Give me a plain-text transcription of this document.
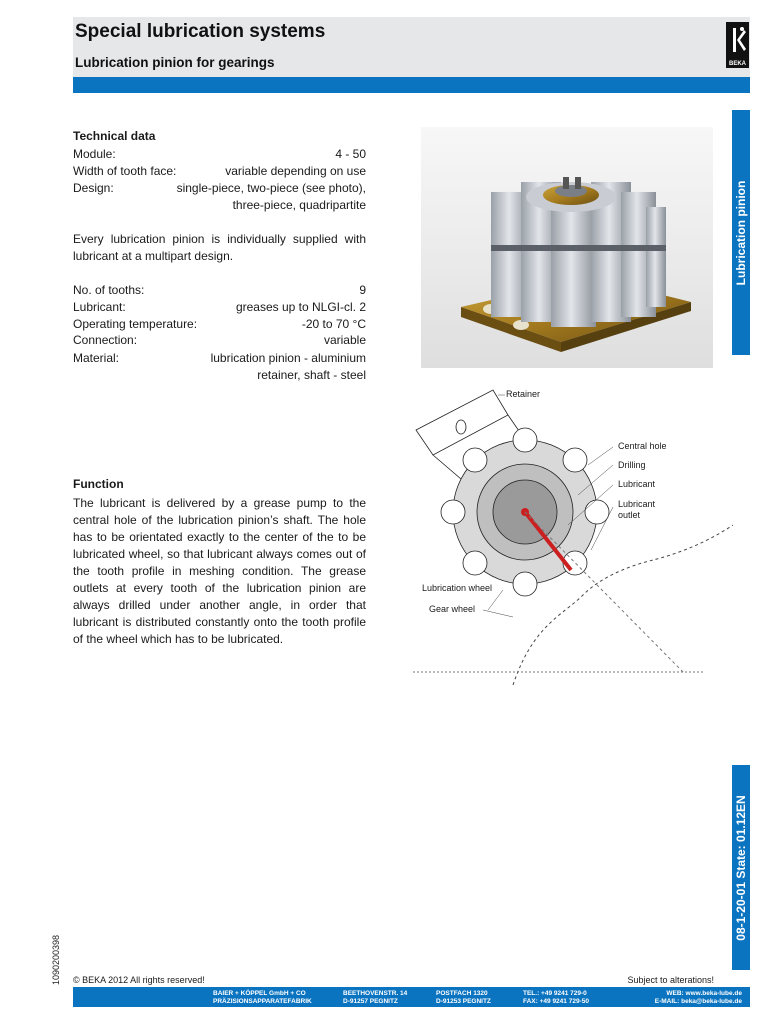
Special lubrication systems
Lubrication pinion for gearings	BEKA
Lubrication pinion
08-1-20-01 State: 01.12EN
Technical data
Module:	4 - 50
Width of tooth face:	variable depending on use
Design:	single-piece, two-piece (see photo),
three-piece, quadripartite
Every lubrication pinion is individually supplied with lubricant at a multipart design.
No. of tooths:	9
Lubricant:	greases up to NLGI-cl. 2
Operating temperature:	-20 to 70 °C
Connection:	variable
Material:	lubrication pinion - aluminium
retainer, shaft - steel
Function
The lubricant is delivered by a grease pump to the central hole of the lubrication pinion’s shaft. The hole has to be orientated exactly to the center of the to be lubricated wheel, so that lubricant always comes out of the tooth profile in meshing condition. The grease outlets at every tooth of the lubrication pinion are always drilled under another angle, in order that lubricant is distributed constantly onto the tooth profile of the wheel which has to be lubricated.
Retainer
Central hole
Drilling
Lubricant
Lubricant
outlet
Lubrication wheel
Gear wheel
1090200398 © BEKA 2012 All rights reserved!	Subject to alterations!
BAIER + KÖPPEL GmbH + CO
PRÄZISIONSAPPARATEFABRIK
BEETHOVENSTR. 14
D-91257 PEGNITZ
POSTFACH 1320
D-91253 PEGNITZ
TEL.: +49 9241 729-0
FAX: +49 9241 729-50
WEB: www.beka-lube.de
E-MAIL: beka@beka-lube.de
